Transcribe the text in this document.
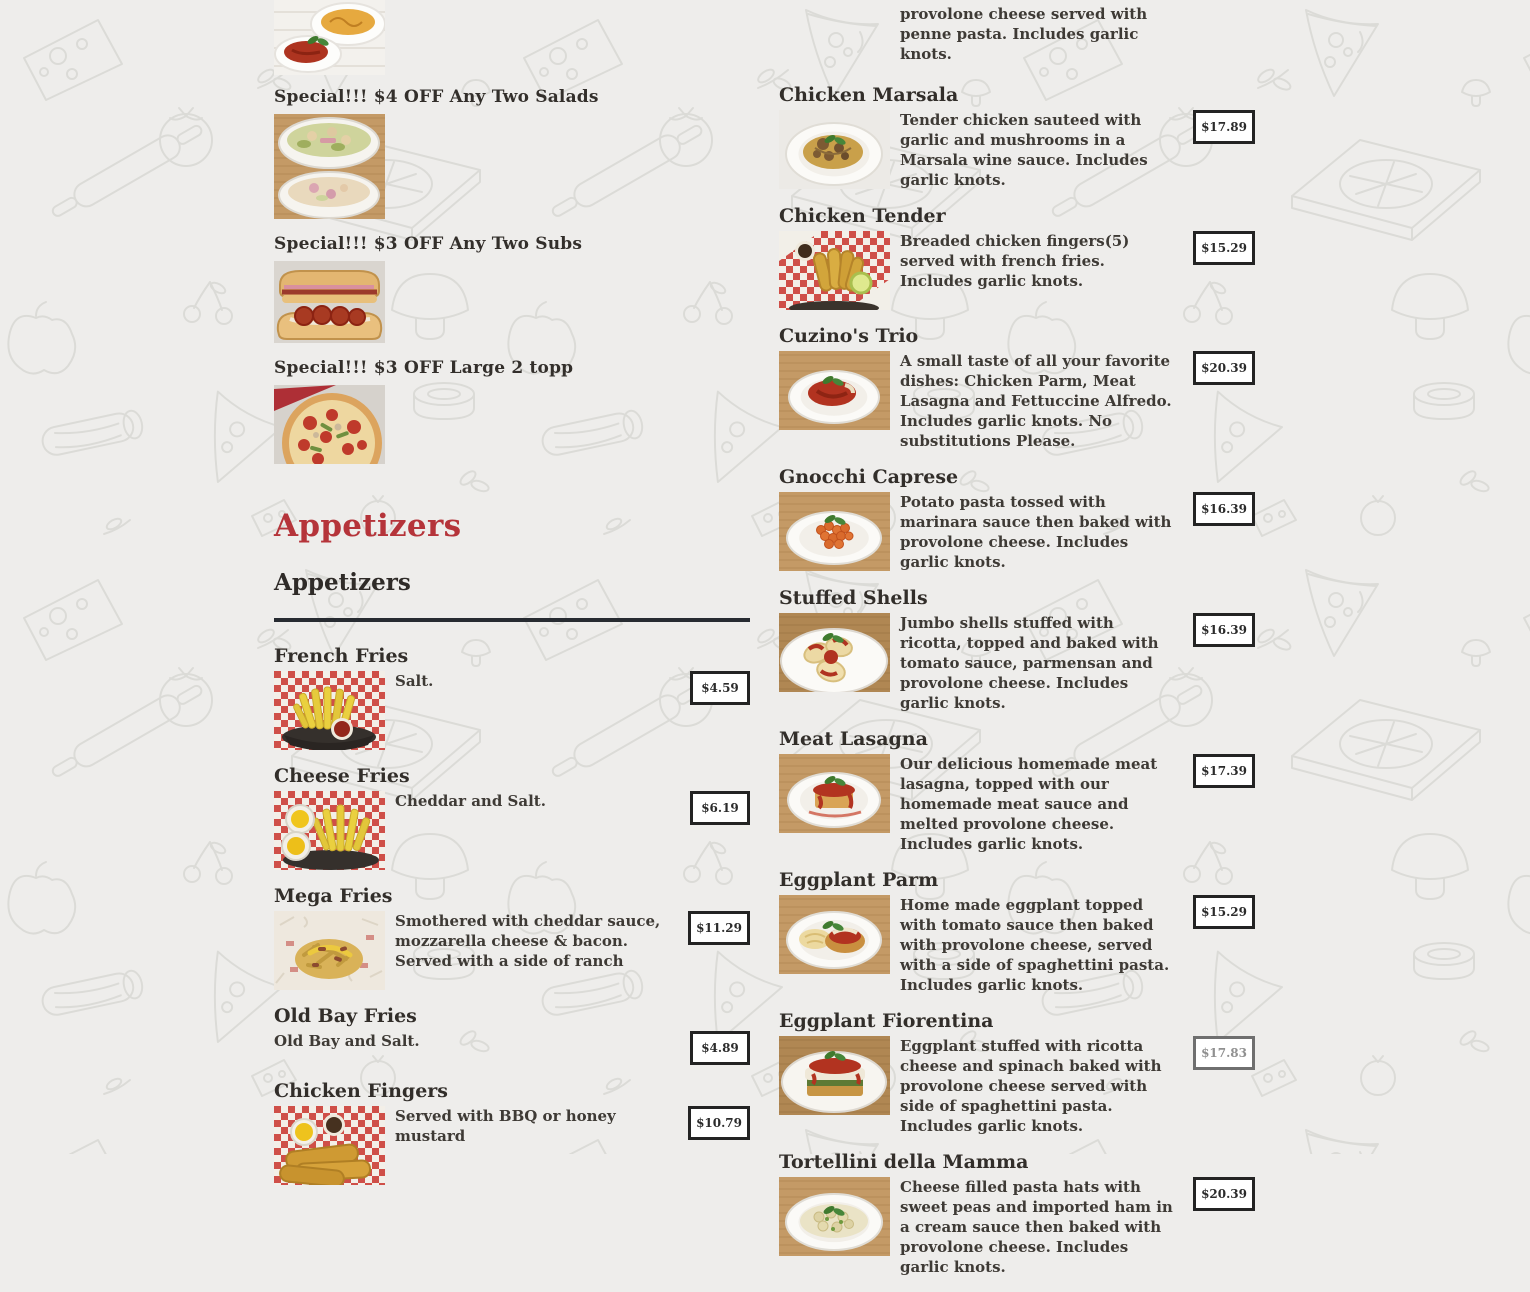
Special!!! $4 OFF Any Two Salads
Special!!! $3 OFF Any Two Subs
Special!!! $3 OFF Large 2 topp
Appetizers
Appetizers
French Fries

Salt.	$4.59
Cheese Fries

Cheddar and Salt.	$6.19
Mega Fries

Smothered with cheddar sauce, mozzarella cheese & bacon. Served with a side of ranch

$11.29
Old Bay Fries

Old Bay and Salt.	$4.89
Chicken Fingers

Served with BBQ or honey mustard

$10.79

provolone cheese served with penne pasta. Includes garlic knots.

Chicken Marsala

Tender chicken sauteed with garlic and mushrooms in a Marsala wine sauce. Includes garlic knots.

$17.89
Chicken Tender

Breaded chicken fingers(5) served with french fries. Includes garlic knots.

$15.29
Cuzino's Trio

A small taste of all your favorite dishes: Chicken Parm, Meat Lasagna and Fettuccine Alfredo. Includes garlic knots. No substitutions Please.

$20.39
Gnocchi Caprese

Potato pasta tossed with marinara sauce then baked with provolone cheese. Includes garlic knots.

$16.39
Stuffed Shells

Jumbo shells stuffed with ricotta, topped and baked with tomato sauce, parmensan and provolone cheese. Includes garlic knots.

$16.39
Meat Lasagna

Our delicious homemade meat lasagna, topped with our homemade meat sauce and melted provolone cheese. Includes garlic knots.

$17.39
Eggplant Parm

Home made eggplant topped with tomato sauce then baked with provolone cheese, served with a side of spaghettini pasta. Includes garlic knots.

$15.29
Eggplant Fiorentina

Eggplant stuffed with ricotta cheese and spinach baked with provolone cheese served with side of spaghettini pasta. Includes garlic knots.

$17.83
Tortellini della Mamma

Cheese filled pasta hats with sweet peas and imported ham in a cream sauce then baked with provolone cheese. Includes garlic knots.

$20.39
